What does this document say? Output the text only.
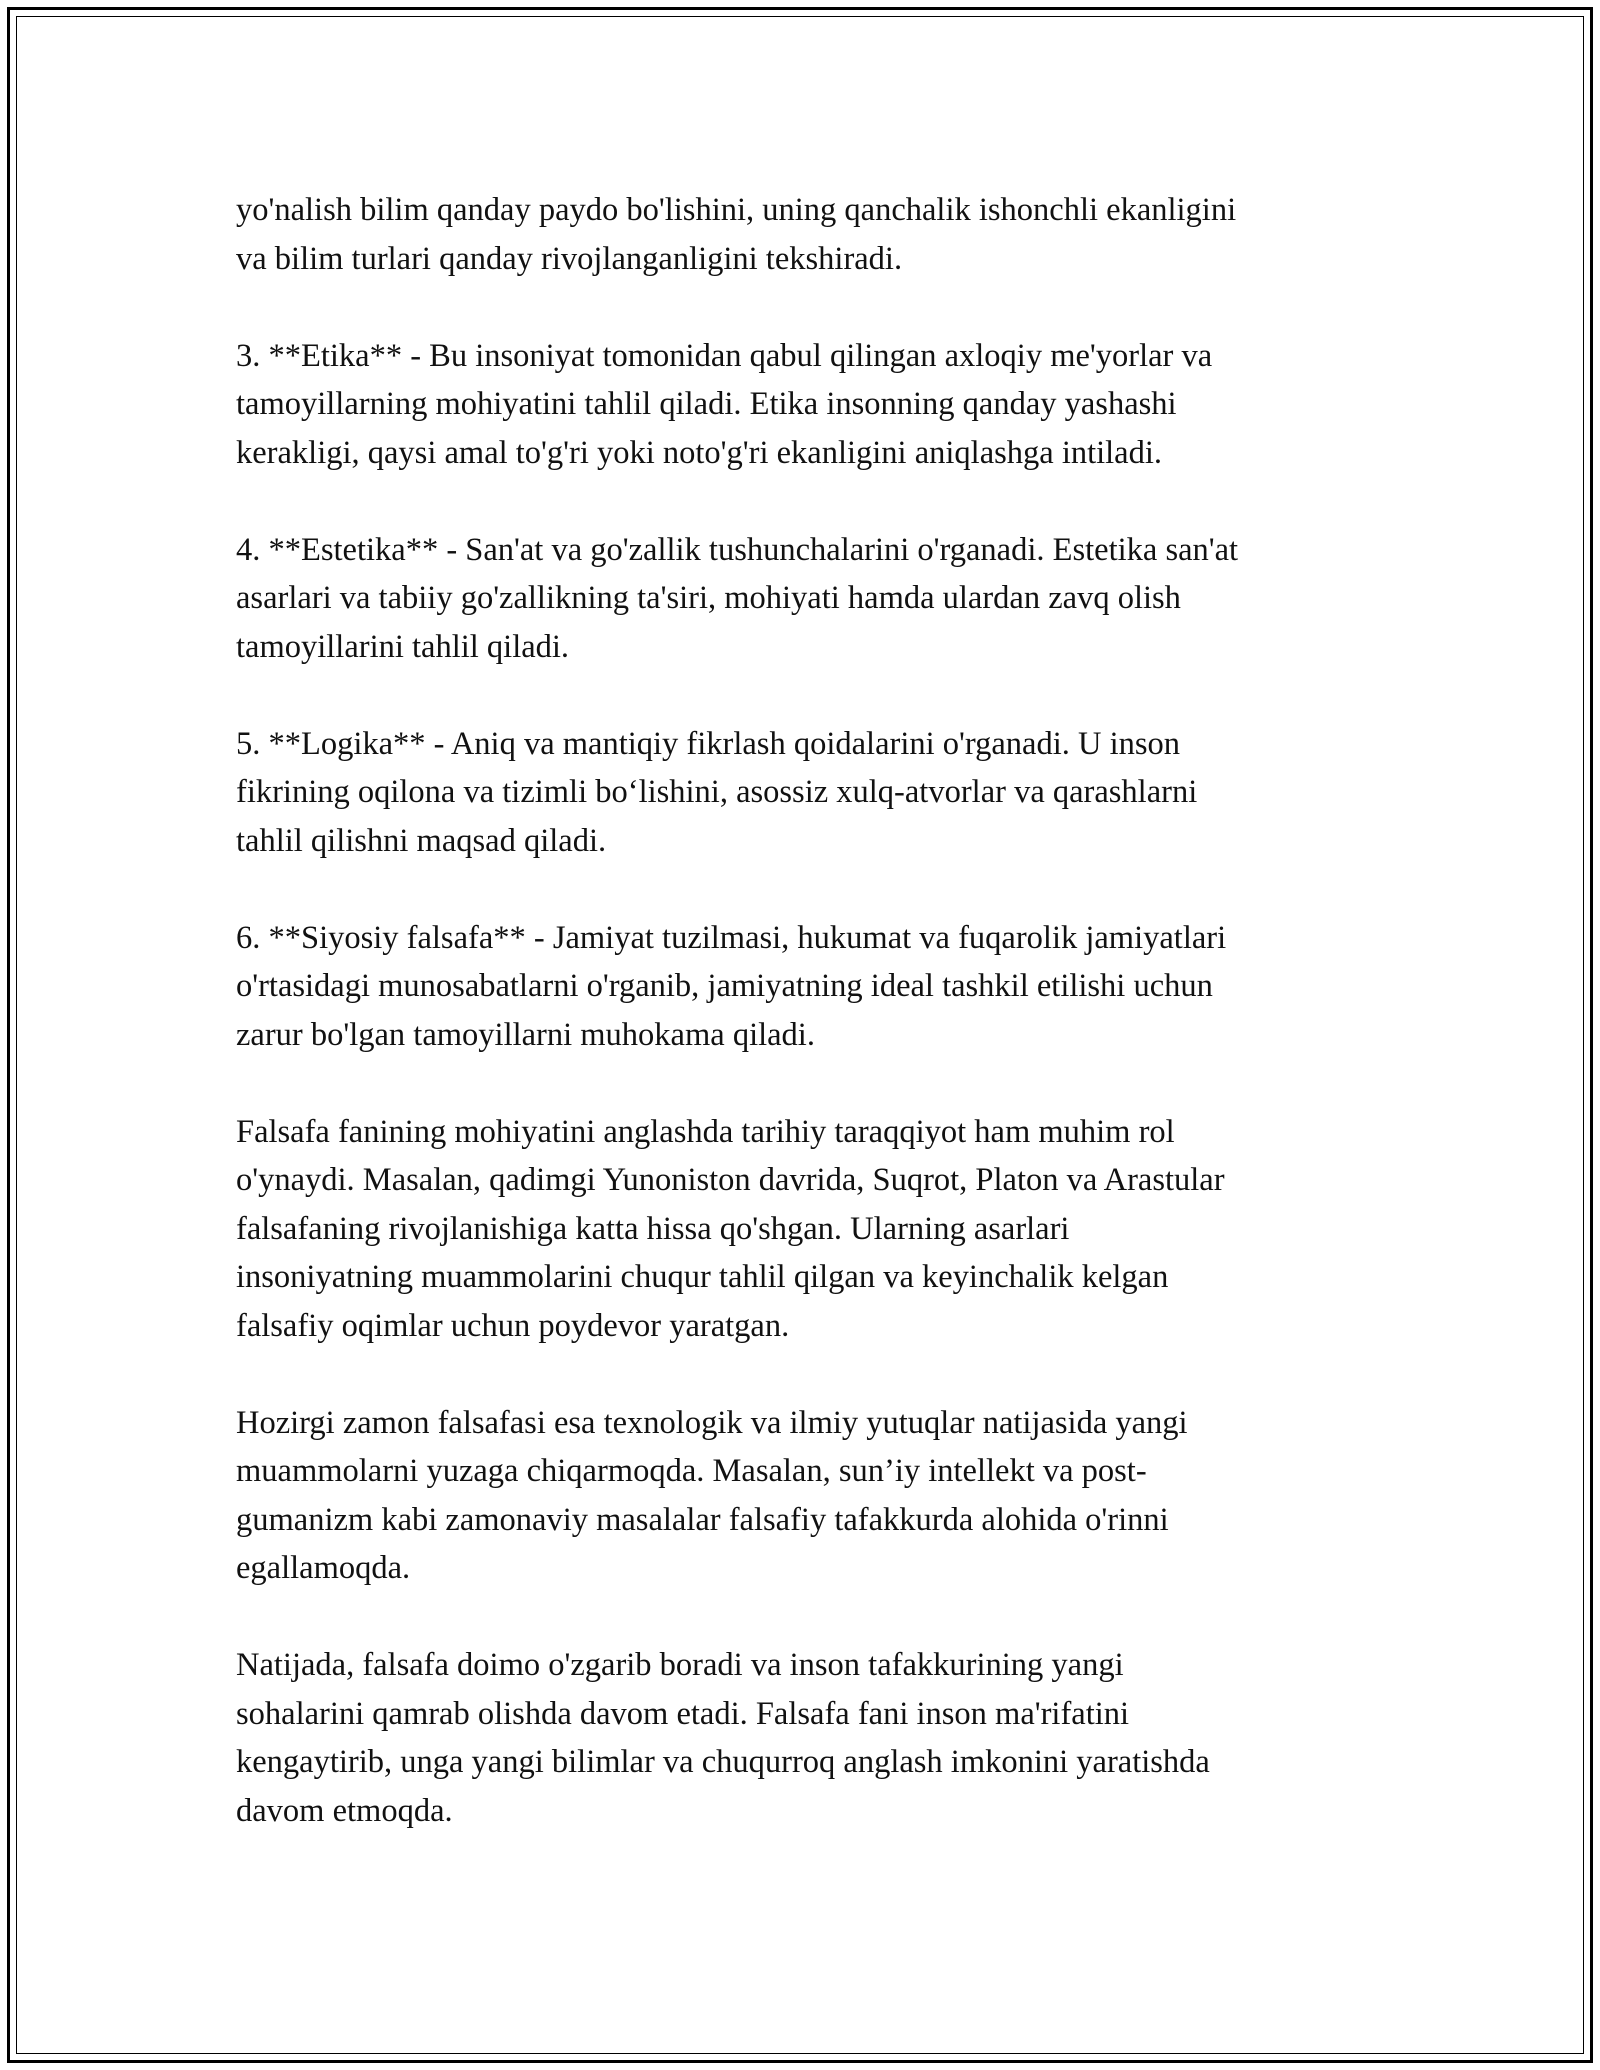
yo'nalish bilim qanday paydo bo'lishini, uning qanchalik ishonchli ekanligini
va bilim turlari qanday rivojlanganligini tekshiradi.

3. **Etika** - Bu insoniyat tomonidan qabul qilingan axloqiy me'yorlar va
tamoyillarning mohiyatini tahlil qiladi. Etika insonning qanday yashashi
kerakligi, qaysi amal to'g'ri yoki noto'g'ri ekanligini aniqlashga intiladi.

4. **Estetika** - San'at va go'zallik tushunchalarini o'rganadi. Estetika san'at
asarlari va tabiiy go'zallikning ta'siri, mohiyati hamda ulardan zavq olish
tamoyillarini tahlil qiladi.

5. **Logika** - Aniq va mantiqiy fikrlash qoidalarini o'rganadi. U inson
fikrining oqilona va tizimli bo‘lishini, asossiz xulq-atvorlar va qarashlarni
tahlil qilishni maqsad qiladi.

6. **Siyosiy falsafa** - Jamiyat tuzilmasi, hukumat va fuqarolik jamiyatlari
o'rtasidagi munosabatlarni o'rganib, jamiyatning ideal tashkil etilishi uchun
zarur bo'lgan tamoyillarni muhokama qiladi.

Falsafa fanining mohiyatini anglashda tarihiy taraqqiyot ham muhim rol
o'ynaydi. Masalan, qadimgi Yunoniston davrida, Suqrot, Platon va Arastular
falsafaning rivojlanishiga katta hissa qo'shgan. Ularning asarlari
insoniyatning muammolarini chuqur tahlil qilgan va keyinchalik kelgan
falsafiy oqimlar uchun poydevor yaratgan.

Hozirgi zamon falsafasi esa texnologik va ilmiy yutuqlar natijasida yangi
muammolarni yuzaga chiqarmoqda. Masalan, sun’iy intellekt va post-
gumanizm kabi zamonaviy masalalar falsafiy tafakkurda alohida o'rinni
egallamoqda.

Natijada, falsafa doimo o'zgarib boradi va inson tafakkurining yangi
sohalarini qamrab olishda davom etadi. Falsafa fani inson ma'rifatini
kengaytirib, unga yangi bilimlar va chuqurroq anglash imkonini yaratishda
davom etmoqda.
